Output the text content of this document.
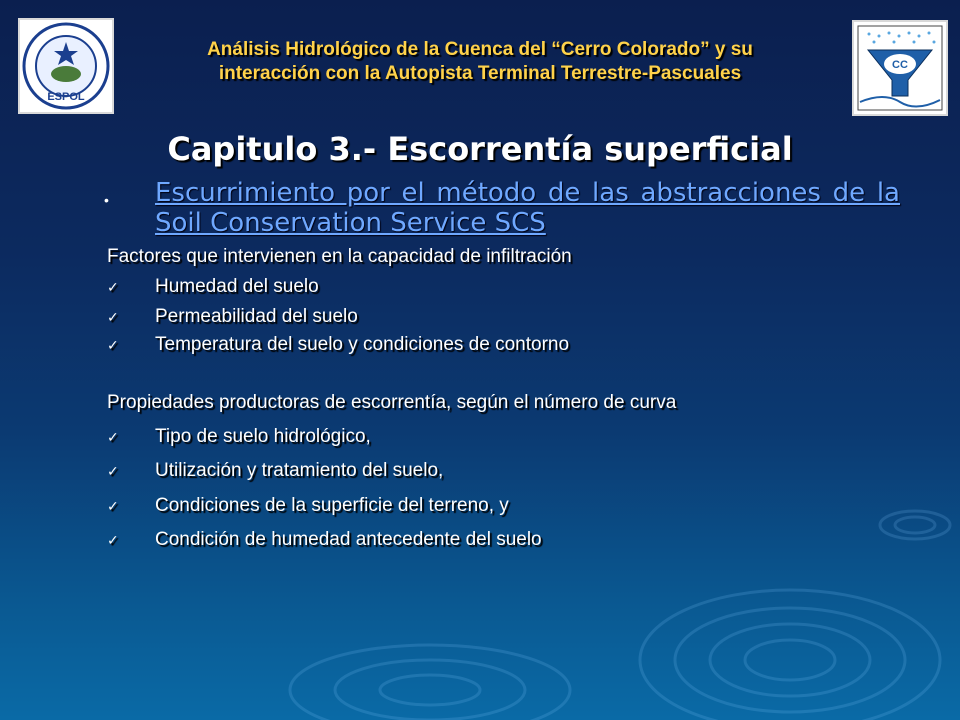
ESPOL
CC
Análisis Hidrológico de la Cuenca del “Cerro Colorado” y su
interacción con la Autopista Terminal Terrestre-Pascuales
Capitulo 3.- Escorrentía superficial
• Escurrimiento por el método de las abstracciones de la Soil Conservation Service SCS
Factores que intervienen en la capacidad de infiltración
✓	Humedad del suelo
✓	Permeabilidad del suelo
✓	Temperatura del suelo y condiciones de contorno
Propiedades productoras de escorrentía, según el número de curva
✓	Tipo de suelo hidrológico,
✓	Utilización y tratamiento del suelo,
✓	Condiciones de la superficie del terreno, y
✓	Condición de humedad antecedente del suelo
